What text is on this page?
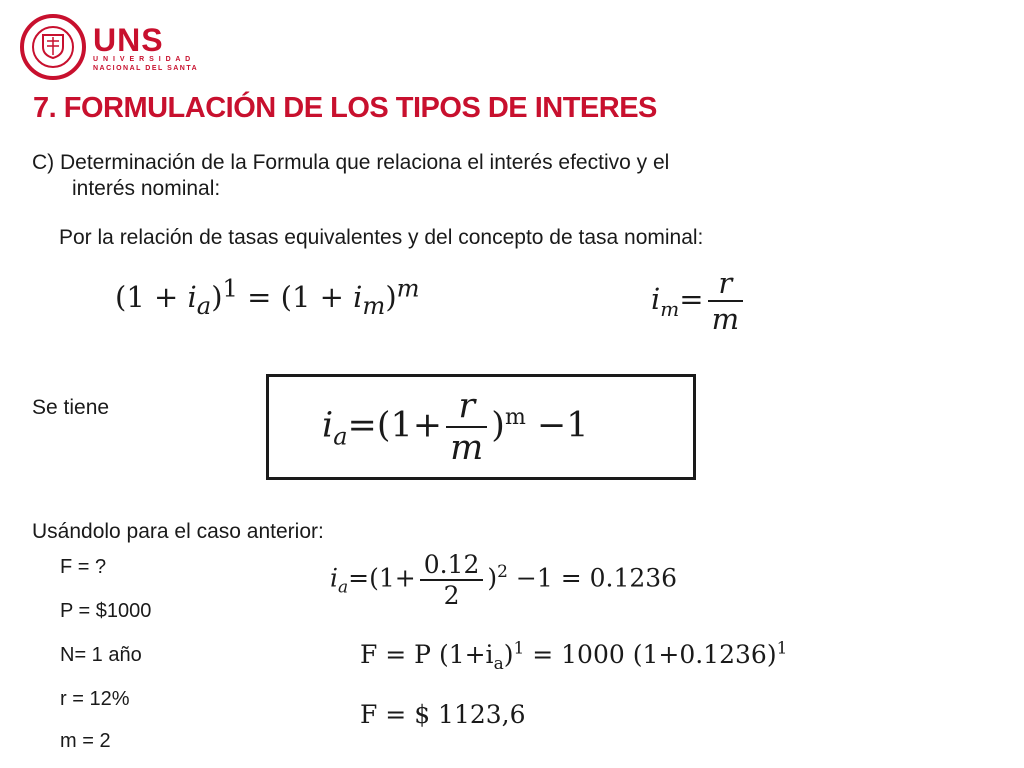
UNS
U N I V E R S I D A D
NACIONAL DEL SANTA
7. FORMULACIÓN DE LOS TIPOS DE INTERES
C) Determinación de la Formula que relaciona el interés efectivo y el
interés nominal:
Por la relación de tasas equivalentes y del concepto de tasa nominal:
$(1 + i_a)^1 = (1 + i_m)^m$	$i_m= \frac{r}{m}$
Se tiene	$i_a=(1+ \frac{r}{m} )^m -1$
Usándolo para el caso anterior:
F = ?
P = $1000
N= 1 año
r = 12%
m = 2
$i_a=(1+ \frac{0.12}{2} )^2 -1 = 0.1236$
F = P $(1+i_a)^1 = 1000$ $(1+0.1236)^1$
F = $ 1123,6
